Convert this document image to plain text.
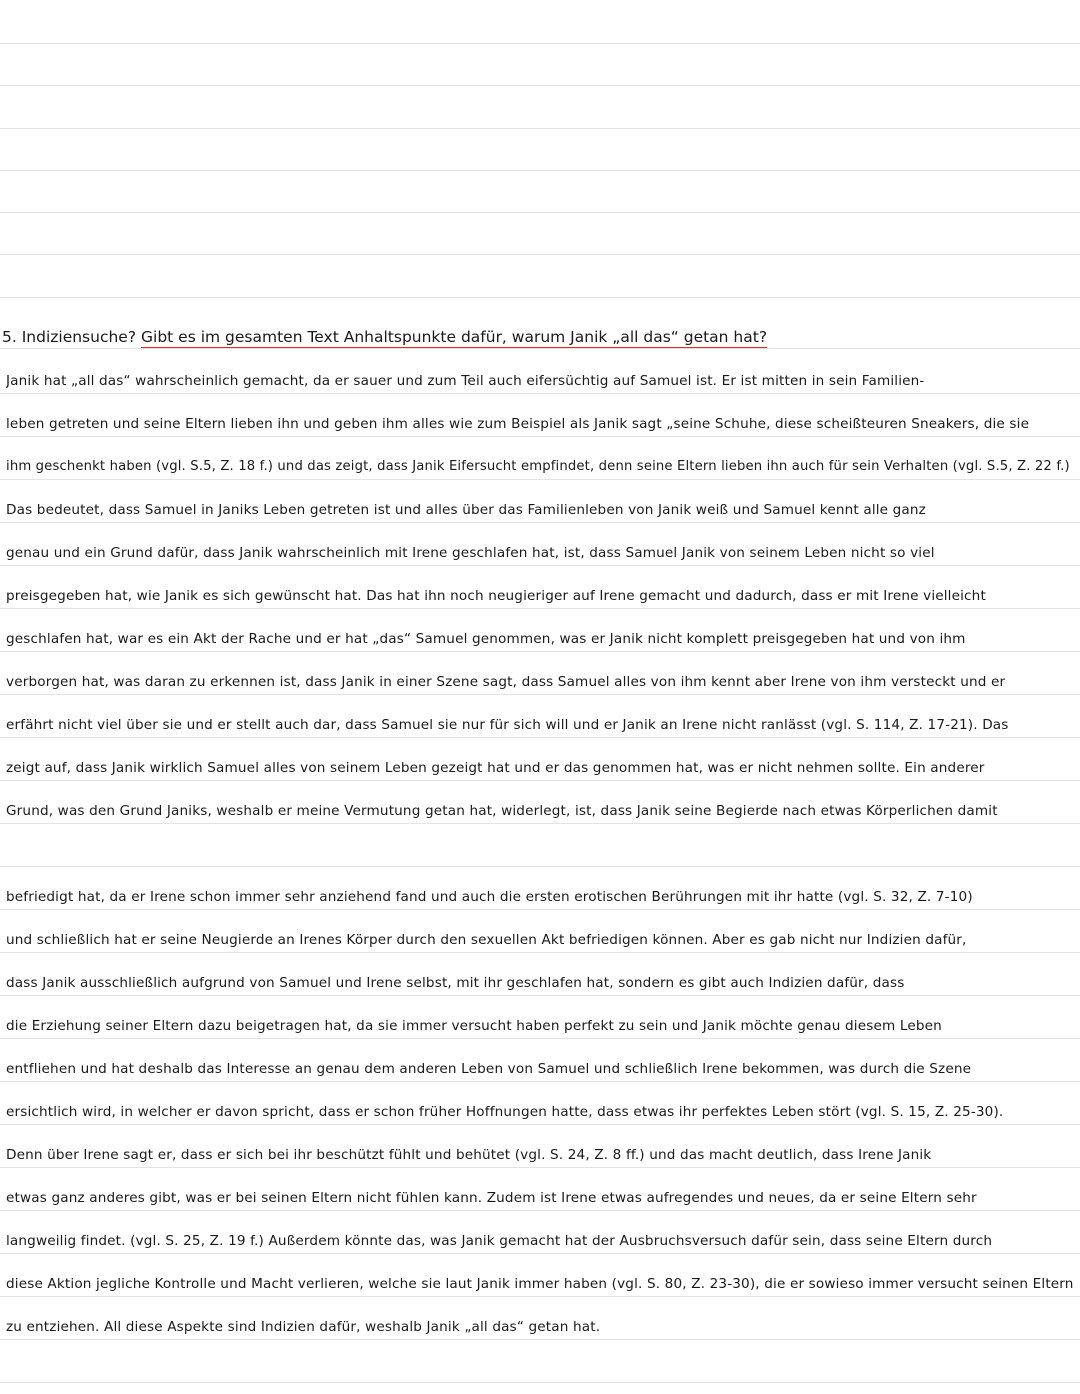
5. Indiziensuche? Gibt es im gesamten Text Anhaltspunkte dafür, warum Janik „all das“ getan hat?
Janik hat „all das“ wahrscheinlich gemacht, da er sauer und zum Teil auch eifersüchtig auf Samuel ist. Er ist mitten in sein Familien-
leben getreten und seine Eltern lieben ihn und geben ihm alles wie zum Beispiel als Janik sagt „seine Schuhe, diese scheißteuren Sneakers, die sie
ihm geschenkt haben (vgl. S.5, Z. 18 f.) und das zeigt, dass Janik Eifersucht empfindet, denn seine Eltern lieben ihn auch für sein Verhalten (vgl. S.5, Z. 22 f.)
Das bedeutet, dass Samuel in Janiks Leben getreten ist und alles über das Familienleben von Janik weiß und Samuel kennt alle ganz
genau und ein Grund dafür, dass Janik wahrscheinlich mit Irene geschlafen hat, ist, dass Samuel Janik von seinem Leben nicht so viel
preisgegeben hat, wie Janik es sich gewünscht hat. Das hat ihn noch neugieriger auf Irene gemacht und dadurch, dass er mit Irene vielleicht
geschlafen hat, war es ein Akt der Rache und er hat „das“ Samuel genommen, was er Janik nicht komplett preisgegeben hat und von ihm
verborgen hat, was daran zu erkennen ist, dass Janik in einer Szene sagt, dass Samuel alles von ihm kennt aber Irene von ihm versteckt und er
erfährt nicht viel über sie und er stellt auch dar, dass Samuel sie nur für sich will und er Janik an Irene nicht ranlässt (vgl. S. 114, Z. 17-21). Das
zeigt auf, dass Janik wirklich Samuel alles von seinem Leben gezeigt hat und er das genommen hat, was er nicht nehmen sollte. Ein anderer
Grund, was den Grund Janiks, weshalb er meine Vermutung getan hat, widerlegt, ist, dass Janik seine Begierde nach etwas Körperlichen damit
befriedigt hat, da er Irene schon immer sehr anziehend fand und auch die ersten erotischen Berührungen mit ihr hatte (vgl. S. 32, Z. 7-10)
und schließlich hat er seine Neugierde an Irenes Körper durch den sexuellen Akt befriedigen können. Aber es gab nicht nur Indizien dafür,
dass Janik ausschließlich aufgrund von Samuel und Irene selbst, mit ihr geschlafen hat, sondern es gibt auch Indizien dafür, dass
die Erziehung seiner Eltern dazu beigetragen hat, da sie immer versucht haben perfekt zu sein und Janik möchte genau diesem Leben
entfliehen und hat deshalb das Interesse an genau dem anderen Leben von Samuel und schließlich Irene bekommen, was durch die Szene
ersichtlich wird, in welcher er davon spricht, dass er schon früher Hoffnungen hatte, dass etwas ihr perfektes Leben stört (vgl. S. 15, Z. 25-30).
Denn über Irene sagt er, dass er sich bei ihr beschützt fühlt und behütet (vgl. S. 24, Z. 8 ff.) und das macht deutlich, dass Irene Janik
etwas ganz anderes gibt, was er bei seinen Eltern nicht fühlen kann. Zudem ist Irene etwas aufregendes und neues, da er seine Eltern sehr
langweilig findet. (vgl. S. 25, Z. 19 f.) Außerdem könnte das, was Janik gemacht hat der Ausbruchsversuch dafür sein, dass seine Eltern durch
diese Aktion jegliche Kontrolle und Macht verlieren, welche sie laut Janik immer haben (vgl. S. 80, Z. 23-30), die er sowieso immer versucht seinen Eltern
zu entziehen. All diese Aspekte sind Indizien dafür, weshalb Janik „all das“ getan hat.
